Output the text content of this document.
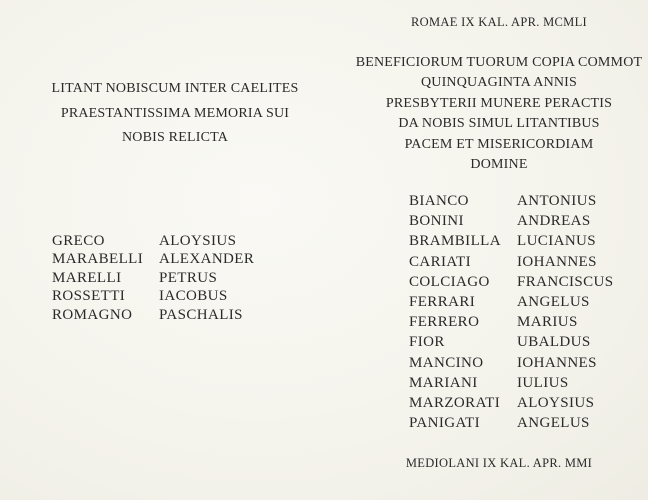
LITANT NOBISCUM INTER CAELITES
PRAESTANTISSIMA MEMORIA SUI
NOBIS RELICTA
GRECO	ALOYSIUS
MARABELLI	ALEXANDER
MARELLI	PETRUS
ROSSETTI	IACOBUS
ROMAGNO	PASCHALIS
ROMAE IX KAL. APR. MCMLI
BENEFICIORUM TUORUM COPIA COMMOT
QUINQUAGINTA ANNIS
PRESBYTERII MUNERE PERACTIS
DA NOBIS SIMUL LITANTIBUS
PACEM ET MISERICORDIAM
DOMINE
MEDIOLANI IX KAL. APR. MMI
BIANCO	ANTONIUS
BONINI	ANDREAS
BRAMBILLA	LUCIANUS
CARIATI	IOHANNES
COLCIAGO	FRANCISCUS
FERRARI	ANGELUS
FERRERO	MARIUS
FIOR	UBALDUS
MANCINO	IOHANNES
MARIANI	IULIUS
MARZORATI	ALOYSIUS
PANIGATI	ANGELUS
